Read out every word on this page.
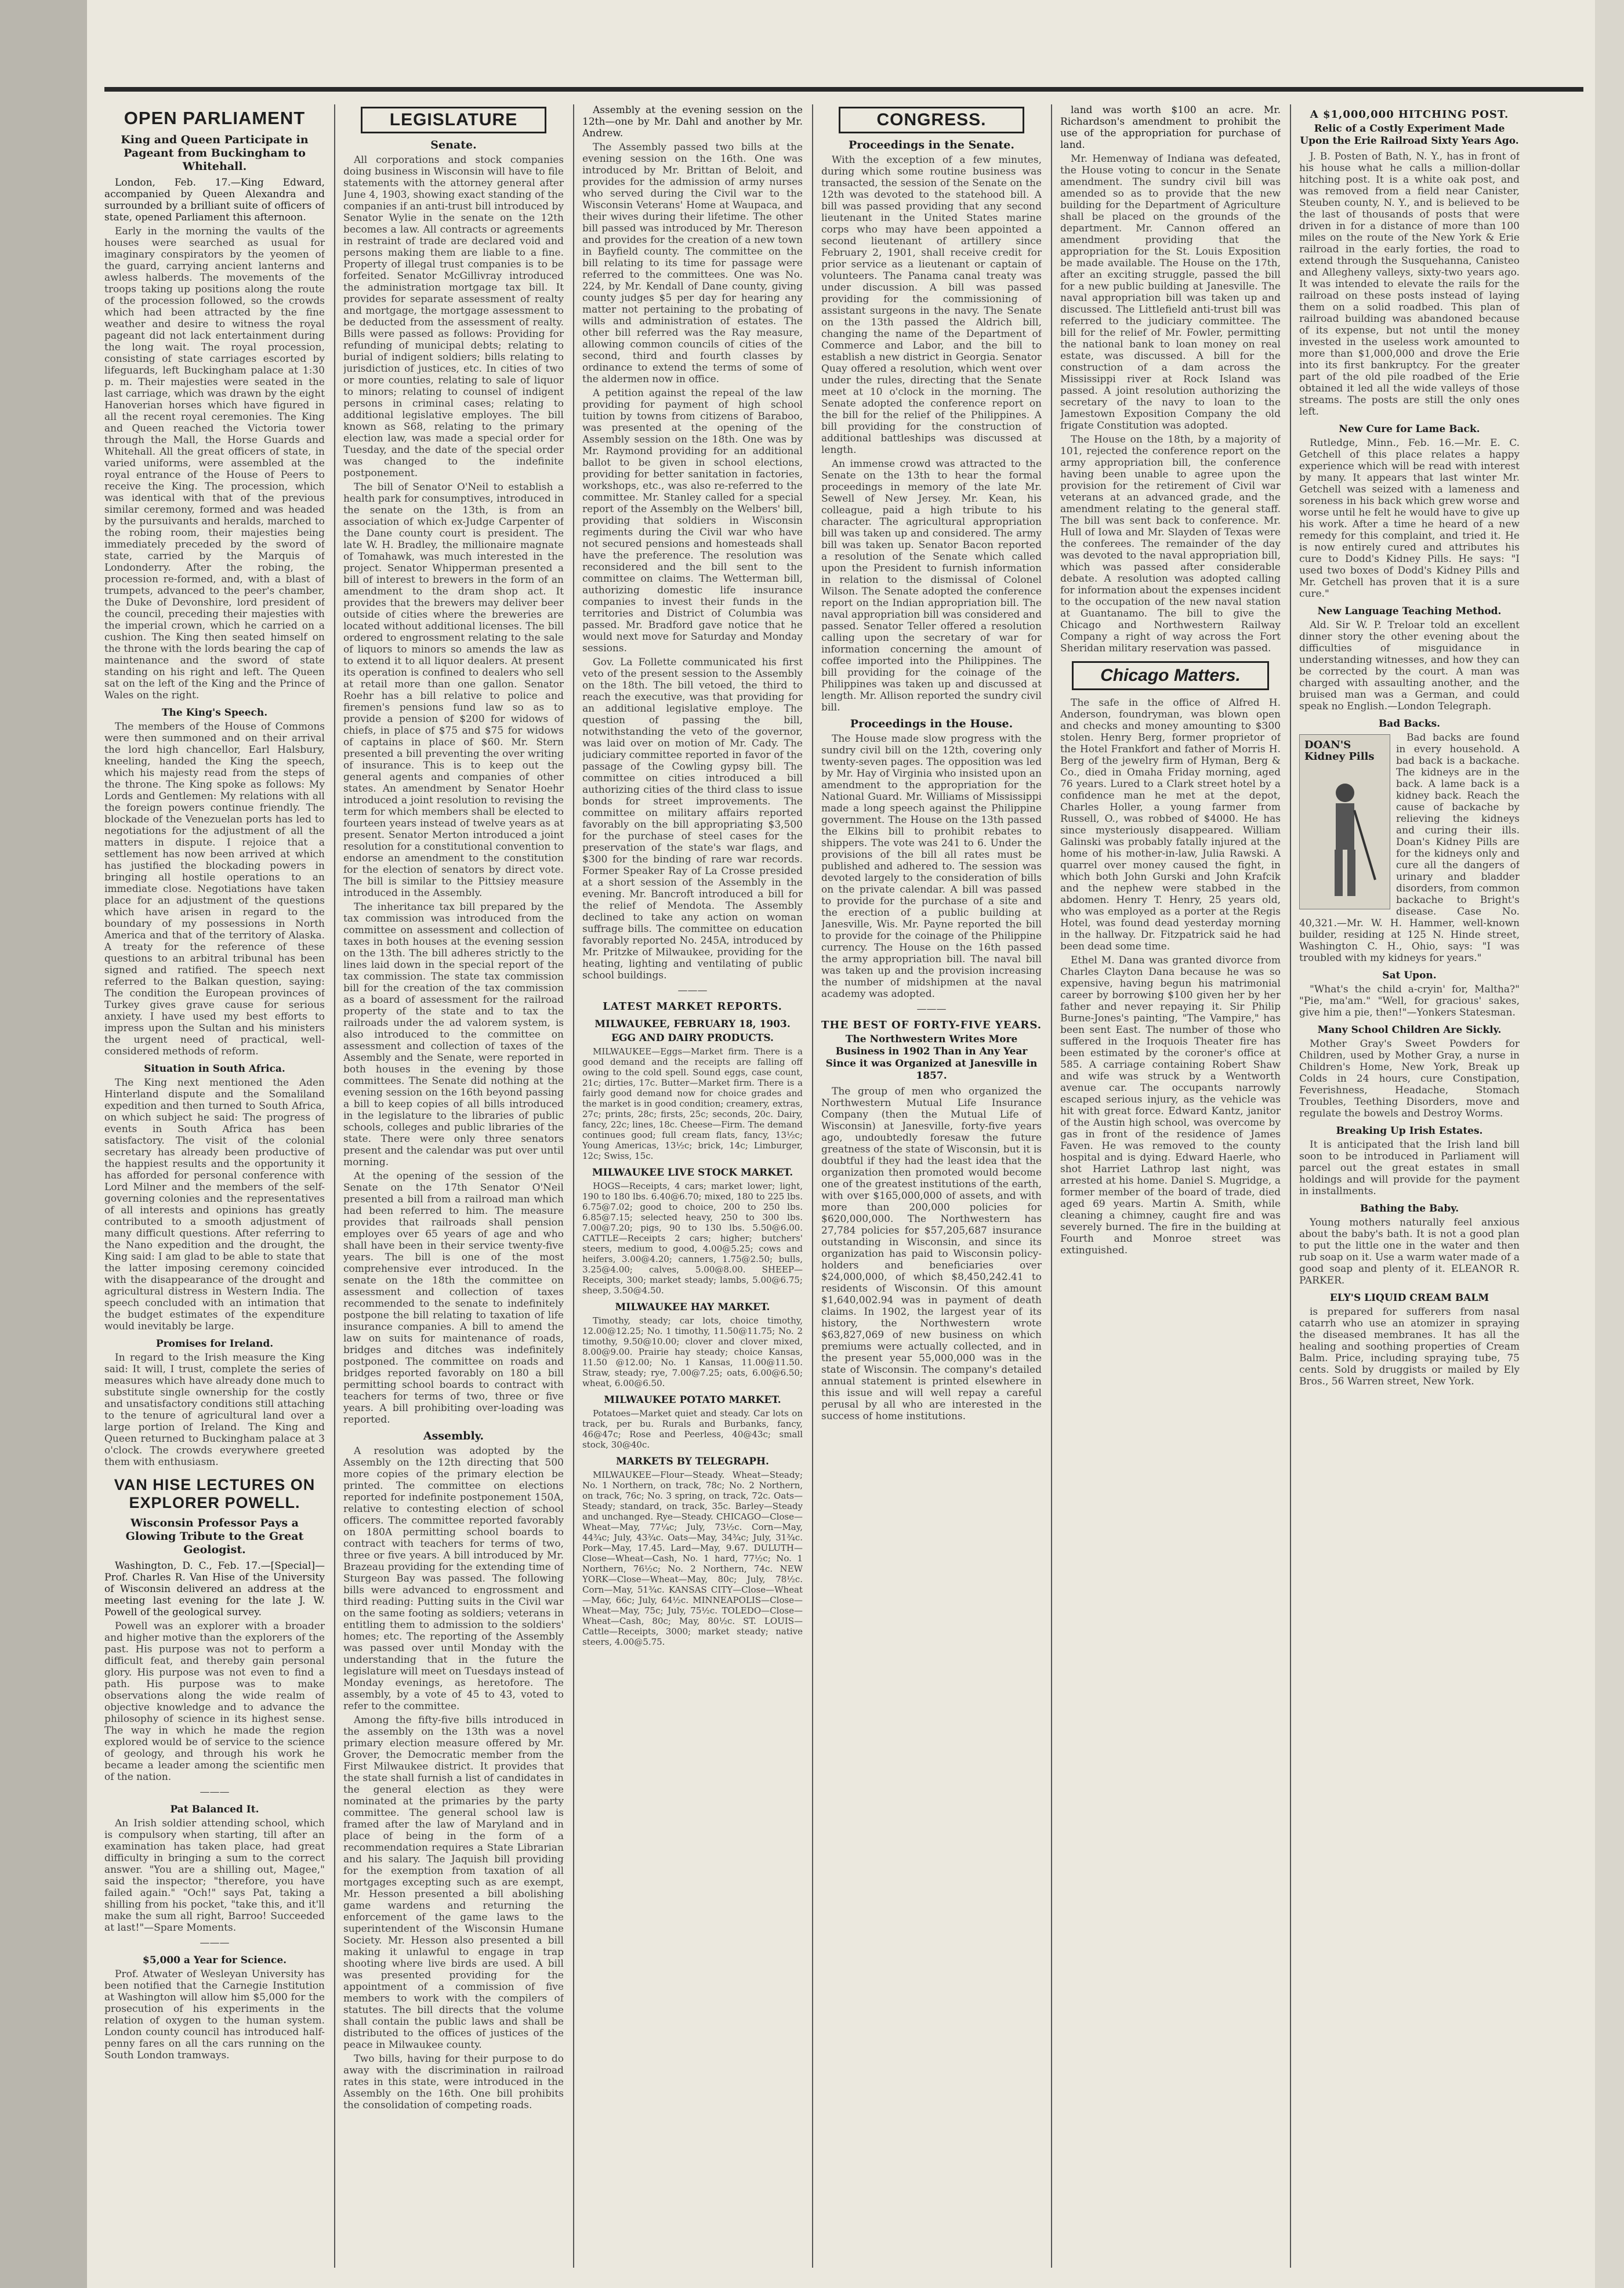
OPEN PARLIAMENT
King and Queen Participate in Pageant from Buckingham to Whitehall.

London, Feb. 17.—King Edward, accompanied by Queen Alexandra and surrounded by a brilliant suite of officers of state, opened Parliament this afternoon.

Early in the morning the vaults of the houses were searched as usual for imaginary conspirators by the yeomen of the guard, carrying ancient lanterns and awless halberds. The movements of the troops taking up positions along the route of the procession followed, so the crowds which had been attracted by the fine weather and desire to witness the royal pageant did not lack entertainment during the long wait. The royal procession, consisting of state carriages escorted by lifeguards, left Buckingham palace at 1:30 p. m. Their majesties were seated in the last carriage, which was drawn by the eight Hanoverian horses which have figured in all the recent royal ceremonies. The King and Queen reached the Victoria tower through the Mall, the Horse Guards and Whitehall. All the great officers of state, in varied uniforms, were assembled at the royal entrance of the House of Peers to receive the King. The procession, which was identical with that of the previous similar ceremony, formed and was headed by the pursuivants and heralds, marched to the robing room, their majesties being immediately preceded by the sword of state, carried by the Marquis of Londonderry. After the robing, the procession re-formed, and, with a blast of trumpets, advanced to the peer's chamber, the Duke of Devonshire, lord president of the council, preceding their majesties with the imperial crown, which he carried on a cushion. The King then seated himself on the throne with the lords bearing the cap of maintenance and the sword of state standing on his right and left. The Queen sat on the left of the King and the Prince of Wales on the right.

The King's Speech.

The members of the House of Commons were then summoned and on their arrival the lord high chancellor, Earl Halsbury, kneeling, handed the King the speech, which his majesty read from the steps of the throne. The King spoke as follows: My Lords and Gentlemen: My relations with all the foreign powers continue friendly. The blockade of the Venezuelan ports has led to negotiations for the adjustment of all the matters in dispute. I rejoice that a settlement has now been arrived at which has justified the blockading powers in bringing all hostile operations to an immediate close. Negotiations have taken place for an adjustment of the questions which have arisen in regard to the boundary of my possessions in North America and that of the territory of Alaska. A treaty for the reference of these questions to an arbitral tribunal has been signed and ratified. The speech next referred to the Balkan question, saying: The condition the European provinces of Turkey gives grave cause for serious anxiety. I have used my best efforts to impress upon the Sultan and his ministers the urgent need of practical, well-considered methods of reform.

Situation in South Africa.

The King next mentioned the Aden Hinterland dispute and the Somaliland expedition and then turned to South Africa, on which subject he said: The progress of events in South Africa has been satisfactory. The visit of the colonial secretary has already been productive of the happiest results and the opportunity it has afforded for personal conference with Lord Milner and the members of the self-governing colonies and the representatives of all interests and opinions has greatly contributed to a smooth adjustment of many difficult questions. After referring to the Nano expedition and the drought, the King said: I am glad to be able to state that the latter imposing ceremony coincided with the disappearance of the drought and agricultural distress in Western India. The speech concluded with an intimation that the budget estimates of the expenditure would inevitably be large.

Promises for Ireland.

In regard to the Irish measure the King said: It will, I trust, complete the series of measures which have already done much to substitute single ownership for the costly and unsatisfactory conditions still attaching to the tenure of agricultural land over a large portion of Ireland. The King and Queen returned to Buckingham palace at 3 o'clock. The crowds everywhere greeted them with enthusiasm.

VAN HISE LECTURES ON EXPLORER POWELL.
Wisconsin Professor Pays a Glowing Tribute to the Great Geologist.

Washington, D. C., Feb. 17.—[Special]—Prof. Charles R. Van Hise of the University of Wisconsin delivered an address at the meeting last evening for the late J. W. Powell of the geological survey.

Powell was an explorer with a broader and higher motive than the explorers of the past. His purpose was not to perform a difficult feat, and thereby gain personal glory. His purpose was not even to find a path. His purpose was to make observations along the wide realm of objective knowledge and to advance the philosophy of science in its highest sense. The way in which he made the region explored would be of service to the science of geology, and through his work he became a leader among the scientific men of the nation.

———
Pat Balanced It.

An Irish soldier attending school, which is compulsory when starting, till after an examination has taken place, had great difficulty in bringing a sum to the correct answer. "You are a shilling out, Magee," said the inspector; "therefore, you have failed again." "Och!" says Pat, taking a shilling from his pocket, "take this, and it'll make the sum all right, Barroo! Succeeded at last!"—Spare Moments.

———
$5,000 a Year for Science.

Prof. Atwater of Wesleyan University has been notified that the Carnegie Institution at Washington will allow him $5,000 for the prosecution of his experiments in the relation of oxygen to the human system. London county council has introduced half-penny fares on all the cars running on the South London tramways.

LEGISLATURE
Senate.

All corporations and stock companies doing business in Wisconsin will have to file statements with the attorney general after June 4, 1903, showing exact standing of the companies if an anti-trust bill introduced by Senator Wylie in the senate on the 12th becomes a law. All contracts or agreements in restraint of trade are declared void and persons making them are liable to a fine. Property of illegal trust companies is to be forfeited. Senator McGillivray introduced the administration mortgage tax bill. It provides for separate assessment of realty and mortgage, the mortgage assessment to be deducted from the assessment of realty. Bills were passed as follows: Providing for refunding of municipal debts; relating to burial of indigent soldiers; bills relating to jurisdiction of justices, etc. In cities of two or more counties, relating to sale of liquor to minors; relating to counsel of indigent persons in criminal cases; relating to additional legislative employes. The bill known as S68, relating to the primary election law, was made a special order for Tuesday, and the date of the special order was changed to the indefinite postponement.

The bill of Senator O'Neil to establish a health park for consumptives, introduced in the senate on the 13th, is from an association of which ex-Judge Carpenter of the Dane county court is president. The late W. H. Bradley, the millionaire magnate of Tomahawk, was much interested in the project. Senator Whipperman presented a bill of interest to brewers in the form of an amendment to the dram shop act. It provides that the brewers may deliver beer outside of cities where the breweries are located without additional licenses. The bill ordered to engrossment relating to the sale of liquors to minors so amends the law as to extend it to all liquor dealers. At present its operation is confined to dealers who sell at retail more than one gallon. Senator Roehr has a bill relative to police and firemen's pensions fund law so as to provide a pension of $200 for widows of chiefs, in place of $75 and $75 for widows of captains in place of $60. Mr. Stern presented a bill preventing the over writing of insurance. This is to keep out the general agents and companies of other states. An amendment by Senator Hoehr introduced a joint resolution to revising the term for which members shall be elected to fourteen years instead of twelve years as at present. Senator Merton introduced a joint resolution for a constitutional convention to endorse an amendment to the constitution for the election of senators by direct vote. The bill is similar to the Pittsiey measure introduced in the Assembly.

The inheritance tax bill prepared by the tax commission was introduced from the committee on assessment and collection of taxes in both houses at the evening session on the 13th. The bill adheres strictly to the lines laid down in the special report of the tax commission. The state tax commission bill for the creation of the tax commission as a board of assessment for the railroad property of the state and to tax the railroads under the ad valorem system, is also introduced to the committee on assessment and collection of taxes of the Assembly and the Senate, were reported in both houses in the evening by those committees. The Senate did nothing at the evening session on the 16th beyond passing a bill to keep copies of all bills introduced in the legislature to the libraries of public schools, colleges and public libraries of the state. There were only three senators present and the calendar was put over until morning.

At the opening of the session of the Senate on the 17th Senator O'Neil presented a bill from a railroad man which had been referred to him. The measure provides that railroads shall pension employes over 65 years of age and who shall have been in their service twenty-five years. The bill is one of the most comprehensive ever introduced. In the senate on the 18th the committee on assessment and collection of taxes recommended to the senate to indefinitely postpone the bill relating to taxation of life insurance companies. A bill to amend the law on suits for maintenance of roads, bridges and ditches was indefinitely postponed. The committee on roads and bridges reported favorably on 180 a bill permitting school boards to contract with teachers for terms of two, three or five years. A bill prohibiting over-loading was reported.

Assembly.

A resolution was adopted by the Assembly on the 12th directing that 500 more copies of the primary election be printed. The committee on elections reported for indefinite postponement 150A, relative to contesting election of school officers. The committee reported favorably on 180A permitting school boards to contract with teachers for terms of two, three or five years. A bill introduced by Mr. Brazeau providing for the extending time of Sturgeon Bay was passed. The following bills were advanced to engrossment and third reading: Putting suits in the Civil war on the same footing as soldiers; veterans in entitling them to admission to the soldiers' homes; etc. The reporting of the Assembly was passed over until Monday with the understanding that in the future the legislature will meet on Tuesdays instead of Monday evenings, as heretofore. The assembly, by a vote of 45 to 43, voted to refer to the committee.

Among the fifty-five bills introduced in the assembly on the 13th was a novel primary election measure offered by Mr. Grover, the Democratic member from the First Milwaukee district. It provides that the state shall furnish a list of candidates in the general election as they were nominated at the primaries by the party committee. The general school law is framed after the law of Maryland and in place of being in the form of a recommendation requires a State Librarian and his salary. The Jaquish bill providing for the exemption from taxation of all mortgages excepting such as are exempt, Mr. Hesson presented a bill abolishing game wardens and returning the enforcement of the game laws to the superintendent of the Wisconsin Humane Society. Mr. Hesson also presented a bill making it unlawful to engage in trap shooting where live birds are used. A bill was presented providing for the appointment of a commission of five members to work with the compilers of statutes. The bill directs that the volume shall contain the public laws and shall be distributed to the offices of justices of the peace in Milwaukee county.

Two bills, having for their purpose to do away with the discrimination in railroad rates in this state, were introduced in the Assembly on the 16th. One bill prohibits the consolidation of competing roads.

Assembly at the evening session on the 12th—one by Mr. Dahl and another by Mr. Andrew.

The Assembly passed two bills at the evening session on the 16th. One was introduced by Mr. Brittan of Beloit, and provides for the admission of army nurses who served during the Civil war to the Wisconsin Veterans' Home at Waupaca, and their wives during their lifetime. The other bill passed was introduced by Mr. Thereson and provides for the creation of a new town in Bayfield county. The committee on the bill relating to its time for passage were referred to the committees. One was No. 224, by Mr. Kendall of Dane county, giving county judges $5 per day for hearing any matter not pertaining to the probating of wills and administration of estates. The other bill referred was the Ray measure, allowing common councils of cities of the second, third and fourth classes by ordinance to extend the terms of some of the aldermen now in office.

A petition against the repeal of the law providing for payment of high school tuition by towns from citizens of Baraboo, was presented at the opening of the Assembly session on the 18th. One was by Mr. Raymond providing for an additional ballot to be given in school elections, providing for better sanitation in factories, workshops, etc., was also re-referred to the committee. Mr. Stanley called for a special report of the Assembly on the Welbers' bill, providing that soldiers in Wisconsin regiments during the Civil war who have not secured pensions and homesteads shall have the preference. The resolution was reconsidered and the bill sent to the committee on claims. The Wetterman bill, authorizing domestic life insurance companies to invest their funds in the territories and District of Columbia was passed. Mr. Bradford gave notice that he would next move for Saturday and Monday sessions.

Gov. La Follette communicated his first veto of the present session to the Assembly on the 18th. The bill vetoed, the third to reach the executive, was that providing for an additional legislative employe. The question of passing the bill, notwithstanding the veto of the governor, was laid over on motion of Mr. Cady. The judiciary committee reported in favor of the passage of the Cowling gypsy bill. The committee on cities introduced a bill authorizing cities of the third class to issue bonds for street improvements. The committee on military affairs reported favorably on the bill appropriating $3,500 for the purchase of steel cases for the preservation of the state's war flags, and $300 for the binding of rare war records. Former Speaker Ray of La Crosse presided at a short session of the Assembly in the evening. Mr. Bancroft introduced a bill for the relief of Mendota. The Assembly declined to take any action on woman suffrage bills. The committee on education favorably reported No. 245A, introduced by Mr. Pritzke of Milwaukee, providing for the heating, lighting and ventilating of public school buildings.

———
LATEST MARKET REPORTS.
MILWAUKEE, FEBRUARY 18, 1903.
EGG AND DAIRY PRODUCTS.

MILWAUKEE—Eggs—Market firm. There is a good demand and the receipts are falling off owing to the cold spell. Sound eggs, case count, 21c; dirties, 17c. Butter—Market firm. There is a fairly good demand now for choice grades and the market is in good condition; creamery, extras, 27c; prints, 28c; firsts, 25c; seconds, 20c. Dairy, fancy, 22c; lines, 18c. Cheese—Firm. The demand continues good; full cream flats, fancy, 13½c; Young Americas, 13½c; brick, 14c; Limburger, 12c; Swiss, 15c.

MILWAUKEE LIVE STOCK MARKET.

HOGS—Receipts, 4 cars; market lower; light, 190 to 180 lbs. 6.40@6.70; mixed, 180 to 225 lbs. 6.75@7.02; good to choice, 200 to 250 lbs. 6.85@7.15; selected heavy, 250 to 300 lbs. 7.00@7.20; pigs, 90 to 130 lbs. 5.50@6.00. CATTLE—Receipts 2 cars; higher; butchers' steers, medium to good, 4.00@5.25; cows and heifers, 3.00@4.20; canners, 1.75@2.50; bulls, 3.25@4.00; calves, 5.00@8.00. SHEEP—Receipts, 300; market steady; lambs, 5.00@6.75; sheep, 3.50@4.50.

MILWAUKEE HAY MARKET.

Timothy, steady; car lots, choice timothy, 12.00@12.25; No. 1 timothy, 11.50@11.75; No. 2 timothy, 9.50@10.00; clover and clover mixed, 8.00@9.00. Prairie hay steady; choice Kansas, 11.50 @12.00; No. 1 Kansas, 11.00@11.50. Straw, steady; rye, 7.00@7.25; oats, 6.00@6.50; wheat, 6.00@6.50.

MILWAUKEE POTATO MARKET.

Potatoes—Market quiet and steady. Car lots on track, per bu. Rurals and Burbanks, fancy, 46@47c; Rose and Peerless, 40@43c; small stock, 30@40c.

MARKETS BY TELEGRAPH.

MILWAUKEE—Flour—Steady. Wheat—Steady; No. 1 Northern, on track, 78c; No. 2 Northern, on track, 76c; No. 3 spring, on track, 72c. Oats—Steady; standard, on track, 35c. Barley—Steady and unchanged. Rye—Steady. CHICAGO—Close—Wheat—May, 77¼c; July, 73½c. Corn—May, 44¾c; July, 43¾c. Oats—May, 34¾c; July, 31¾c. Pork—May, 17.45. Lard—May, 9.67. DULUTH—Close—Wheat—Cash, No. 1 hard, 77½c; No. 1 Northern, 76½c; No. 2 Northern, 74c. NEW YORK—Close—Wheat—May, 80c; July, 78½c. Corn—May, 51¾c. KANSAS CITY—Close—Wheat—May, 66c; July, 64½c. MINNEAPOLIS—Close—Wheat—May, 75c; July, 75½c. TOLEDO—Close—Wheat—Cash, 80c; May, 80½c. ST. LOUIS—Cattle—Receipts, 3000; market steady; native steers, 4.00@5.75.

CONGRESS.
Proceedings in the Senate.

With the exception of a few minutes, during which some routine business was transacted, the session of the Senate on the 12th was devoted to the statehood bill. A bill was passed providing that any second lieutenant in the United States marine corps who may have been appointed a second lieutenant of artillery since February 2, 1901, shall receive credit for prior service as a lieutenant or captain of volunteers. The Panama canal treaty was under discussion. A bill was passed providing for the commissioning of assistant surgeons in the navy. The Senate on the 13th passed the Aldrich bill, changing the name of the Department of Commerce and Labor, and the bill to establish a new district in Georgia. Senator Quay offered a resolution, which went over under the rules, directing that the Senate meet at 10 o'clock in the morning. The Senate adopted the conference report on the bill for the relief of the Philippines. A bill providing for the construction of additional battleships was discussed at length.

An immense crowd was attracted to the Senate on the 13th to hear the formal proceedings in memory of the late Mr. Sewell of New Jersey. Mr. Kean, his colleague, paid a high tribute to his character. The agricultural appropriation bill was taken up and considered. The army bill was taken up. Senator Bacon reported a resolution of the Senate which called upon the President to furnish information in relation to the dismissal of Colonel Wilson. The Senate adopted the conference report on the Indian appropriation bill. The naval appropriation bill was considered and passed. Senator Teller offered a resolution calling upon the secretary of war for information concerning the amount of coffee imported into the Philippines. The bill providing for the coinage of the Philippines was taken up and discussed at length. Mr. Allison reported the sundry civil bill.

Proceedings in the House.

The House made slow progress with the sundry civil bill on the 12th, covering only twenty-seven pages. The opposition was led by Mr. Hay of Virginia who insisted upon an amendment to the appropriation for the National Guard. Mr. Williams of Mississippi made a long speech against the Philippine government. The House on the 13th passed the Elkins bill to prohibit rebates to shippers. The vote was 241 to 6. Under the provisions of the bill all rates must be published and adhered to. The session was devoted largely to the consideration of bills on the private calendar. A bill was passed to provide for the purchase of a site and the erection of a public building at Janesville, Wis. Mr. Payne reported the bill to provide for the coinage of the Philippine currency. The House on the 16th passed the army appropriation bill. The naval bill was taken up and the provision increasing the number of midshipmen at the naval academy was adopted.

———
THE BEST OF FORTY-FIVE YEARS.
The Northwestern Writes More Business in 1902 Than in Any Year Since it was Organized at Janesville in 1857.

The group of men who organized the Northwestern Mutual Life Insurance Company (then the Mutual Life of Wisconsin) at Janesville, forty-five years ago, undoubtedly foresaw the future greatness of the state of Wisconsin, but it is doubtful if they had the least idea that the organization then promoted would become one of the greatest institutions of the earth, with over $165,000,000 of assets, and with more than 200,000 policies for $620,000,000. The Northwestern has 27,784 policies for $57,205,687 insurance outstanding in Wisconsin, and since its organization has paid to Wisconsin policy-holders and beneficiaries over $24,000,000, of which $8,450,242.41 to residents of Wisconsin. Of this amount $1,640,002.94 was in payment of death claims. In 1902, the largest year of its history, the Northwestern wrote $63,827,069 of new business on which premiums were actually collected, and in the present year 55,000,000 was in the state of Wisconsin. The company's detailed annual statement is printed elsewhere in this issue and will well repay a careful perusal by all who are interested in the success of home institutions.

land was worth $100 an acre. Mr. Richardson's amendment to prohibit the use of the appropriation for purchase of land.

Mr. Hemenway of Indiana was defeated, the House voting to concur in the Senate amendment. The sundry civil bill was amended so as to provide that the new building for the Department of Agriculture shall be placed on the grounds of the department. Mr. Cannon offered an amendment providing that the appropriation for the St. Louis Exposition be made available. The House on the 17th, after an exciting struggle, passed the bill for a new public building at Janesville. The naval appropriation bill was taken up and discussed. The Littlefield anti-trust bill was referred to the judiciary committee. The bill for the relief of Mr. Fowler, permitting the national bank to loan money on real estate, was discussed. A bill for the construction of a dam across the Mississippi river at Rock Island was passed. A joint resolution authorizing the secretary of the navy to loan to the Jamestown Exposition Company the old frigate Constitution was adopted.

The House on the 18th, by a majority of 101, rejected the conference report on the army appropriation bill, the conference having been unable to agree upon the provision for the retirement of Civil war veterans at an advanced grade, and the amendment relating to the general staff. The bill was sent back to conference. Mr. Hull of Iowa and Mr. Slayden of Texas were the conferees. The remainder of the day was devoted to the naval appropriation bill, which was passed after considerable debate. A resolution was adopted calling for information about the expenses incident to the occupation of the new naval station at Guantanamo. The bill to give the Chicago and Northwestern Railway Company a right of way across the Fort Sheridan military reservation was passed.

Chicago Matters.

The safe in the office of Alfred H. Anderson, foundryman, was blown open and checks and money amounting to $300 stolen. Henry Berg, former proprietor of the Hotel Frankfort and father of Morris H. Berg of the jewelry firm of Hyman, Berg & Co., died in Omaha Friday morning, aged 76 years. Lured to a Clark street hotel by a confidence man he met at the depot, Charles Holler, a young farmer from Russell, O., was robbed of $4000. He has since mysteriously disappeared. William Galinski was probably fatally injured at the home of his mother-in-law, Julia Rawski. A quarrel over money caused the fight, in which both John Gurski and John Krafcik and the nephew were stabbed in the abdomen. Henry T. Henry, 25 years old, who was employed as a porter at the Regis Hotel, was found dead yesterday morning in the hallway. Dr. Fitzpatrick said he had been dead some time.

Ethel M. Dana was granted divorce from Charles Clayton Dana because he was so expensive, having begun his matrimonial career by borrowing $100 given her by her father and never repaying it. Sir Philip Burne-Jones's painting, "The Vampire," has been sent East. The number of those who suffered in the Iroquois Theater fire has been estimated by the coroner's office at 585. A carriage containing Robert Shaw and wife was struck by a Wentworth avenue car. The occupants narrowly escaped serious injury, as the vehicle was hit with great force. Edward Kantz, janitor of the Austin high school, was overcome by gas in front of the residence of James Faven. He was removed to the county hospital and is dying. Edward Haerle, who shot Harriet Lathrop last night, was arrested at his home. Daniel S. Mugridge, a former member of the board of trade, died aged 69 years. Martin A. Smith, while cleaning a chimney, caught fire and was severely burned. The fire in the building at Fourth and Monroe street was extinguished.

A $1,000,000 HITCHING POST.
Relic of a Costly Experiment Made Upon the Erie Railroad Sixty Years Ago.

J. B. Posten of Bath, N. Y., has in front of his house what he calls a million-dollar hitching post. It is a white oak post, and was removed from a field near Canister, Steuben county, N. Y., and is believed to be the last of thousands of posts that were driven in for a distance of more than 100 miles on the route of the New York & Erie railroad in the early forties, the road to extend through the Susquehanna, Canisteo and Allegheny valleys, sixty-two years ago. It was intended to elevate the rails for the railroad on these posts instead of laying them on a solid roadbed. This plan of railroad building was abandoned because of its expense, but not until the money invested in the useless work amounted to more than $1,000,000 and drove the Erie into its first bankruptcy. For the greater part of the old pile roadbed of the Erie obtained it led all the wide valleys of those streams. The posts are still the only ones left.

New Cure for Lame Back.

Rutledge, Minn., Feb. 16.—Mr. E. C. Getchell of this place relates a happy experience which will be read with interest by many. It appears that last winter Mr. Getchell was seized with a lameness and soreness in his back which grew worse and worse until he felt he would have to give up his work. After a time he heard of a new remedy for this complaint, and tried it. He is now entirely cured and attributes his cure to Dodd's Kidney Pills. He says: "I used two boxes of Dodd's Kidney Pills and Mr. Getchell has proven that it is a sure cure."

New Language Teaching Method.

Ald. Sir W. P. Treloar told an excellent dinner story the other evening about the difficulties of misguidance in understanding witnesses, and how they can be corrected by the court. A man was charged with assaulting another, and the bruised man was a German, and could speak no English.—London Telegraph.

Bad Backs.
DOAN'S Kidney Pills

Bad backs are found in every household. A bad back is a backache. The kidneys are in the back. A lame back is a kidney back. Reach the cause of backache by relieving the kidneys and curing their ills. Doan's Kidney Pills are for the kidneys only and cure all the dangers of urinary and bladder disorders, from common backache to Bright's disease. Case No. 40,321.—Mr. W. H. Hammer, well-known builder, residing at 125 N. Hinde street, Washington C. H., Ohio, says: "I was troubled with my kidneys for years."

Sat Upon.

"What's the child a-cryin' for, Maltha?" "Pie, ma'am." "Well, for gracious' sakes, give him a pie, then!"—Yonkers Statesman.

Many School Children Are Sickly.

Mother Gray's Sweet Powders for Children, used by Mother Gray, a nurse in Children's Home, New York, Break up Colds in 24 hours, cure Constipation, Feverishness, Headache, Stomach Troubles, Teething Disorders, move and regulate the bowels and Destroy Worms.

Breaking Up Irish Estates.

It is anticipated that the Irish land bill soon to be introduced in Parliament will parcel out the great estates in small holdings and will provide for the payment in installments.

Bathing the Baby.

Young mothers naturally feel anxious about the baby's bath. It is not a good plan to put the little one in the water and then rub soap on it. Use a warm water made of a good soap and plenty of it. ELEANOR R. PARKER.

ELY'S LIQUID CREAM BALM

is prepared for sufferers from nasal catarrh who use an atomizer in spraying the diseased membranes. It has all the healing and soothing properties of Cream Balm. Price, including spraying tube, 75 cents. Sold by druggists or mailed by Ely Bros., 56 Warren street, New York.
